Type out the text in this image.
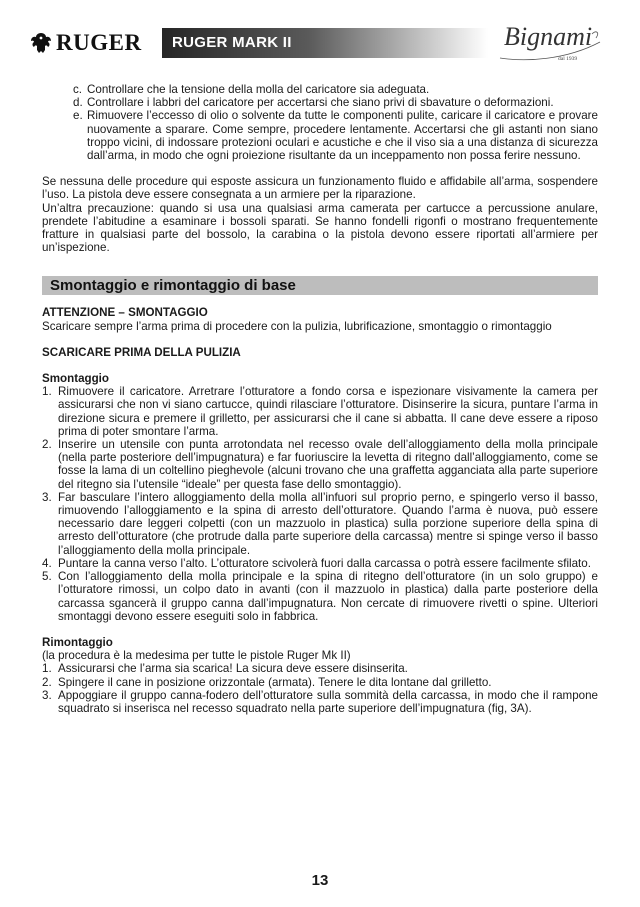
RUGER RUGER MARK II	Bignami
dal 1939
c. Controllare che la tensione della molla del caricatore sia adeguata.
d. Controllare i labbri del caricatore per accertarsi che siano privi di sbavature o deformazioni.
e. Rimuovere l’eccesso di olio o solvente da tutte le componenti pulite, caricare il caricatore e provare nuovamente a sparare. Come sempre, procedere lentamente. Accertarsi che gli astanti non siano troppo vicini, di indossare protezioni oculari e acustiche e che il viso sia a una distanza di sicurezza dall’arma, in modo che ogni proiezione risultante da un inceppamento non possa ferire nessuno.

Se nessuna delle procedure qui esposte assicura un funzionamento fluido e affidabile all’arma, sospendere l’uso. La pistola deve essere consegnata a un armiere per la riparazione.

Un’altra precauzione: quando si usa una qualsiasi arma camerata per cartucce a percussione anulare, prendete l’abitudine a esaminare i bossoli sparati. Se hanno fondelli rigonfi o mostrano frequentemente fratture in qualsiasi parte del bossolo, la carabina o la pistola devono essere riportati all’armiere per un’ispezione.

Smontaggio e rimontaggio di base

ATTENZIONE – SMONTAGGIO

Scaricare sempre l’arma prima di procedere con la pulizia, lubrificazione, smontaggio o rimontaggio

SCARICARE PRIMA DELLA PULIZIA

Smontaggio

1. Rimuovere il caricatore. Arretrare l’otturatore a fondo corsa e ispezionare visivamente la camera per assicurarsi che non vi siano cartucce, quindi rilasciare l’otturatore. Disinserire la sicura, puntare l’arma in direzione sicura e premere il grilletto, per assicurarsi che il cane si abbatta. Il cane deve essere a riposo prima di poter smontare l’arma.
2. Inserire un utensile con punta arrotondata nel recesso ovale dell’alloggiamento della molla principale (nella parte posteriore dell’impugnatura) e far fuoriuscire la levetta di ritegno dall’alloggiamento, come se fosse la lama di un coltellino pieghevole (alcuni trovano che una graffetta agganciata alla parte superiore del ritegno sia l’utensile “ideale” per questa fase dello smontaggio).
3. Far basculare l’intero alloggiamento della molla all’infuori sul proprio perno, e spingerlo verso il basso, rimuovendo l’alloggiamento e la spina di arresto dell’otturatore. Quando l’arma è nuova, può essere necessario dare leggeri colpetti (con un mazzuolo in plastica) sulla porzione superiore della spina di arresto dell’otturatore (che protrude dalla parte superiore della carcassa) mentre si spinge verso il basso l’alloggiamento della molla principale.
4. Puntare la canna verso l’alto. L’otturatore scivolerà fuori dalla carcassa o potrà essere facilmente sfilato.
5. Con l’alloggiamento della molla principale e la spina di ritegno dell’otturatore (in un solo gruppo) e l’otturatore rimossi, un colpo dato in avanti (con il mazzuolo in plastica) dalla parte posteriore della carcassa sgancerà il gruppo canna dall’impugnatura. Non cercate di rimuovere rivetti o spine. Ulteriori smontaggi devono essere eseguiti solo in fabbrica.

Rimontaggio

(la procedura è la medesima per tutte le pistole Ruger Mk II)

1. Assicurarsi che l’arma sia scarica! La sicura deve essere disinserita.
2. Spingere il cane in posizione orizzontale (armata). Tenere le dita lontane dal grilletto.
3. Appoggiare il gruppo canna-fodero dell’otturatore sulla sommità della carcassa, in modo che il rampone squadrato si inserisca nel recesso squadrato nella parte superiore dell’impugnatura (fig, 3A).
13
